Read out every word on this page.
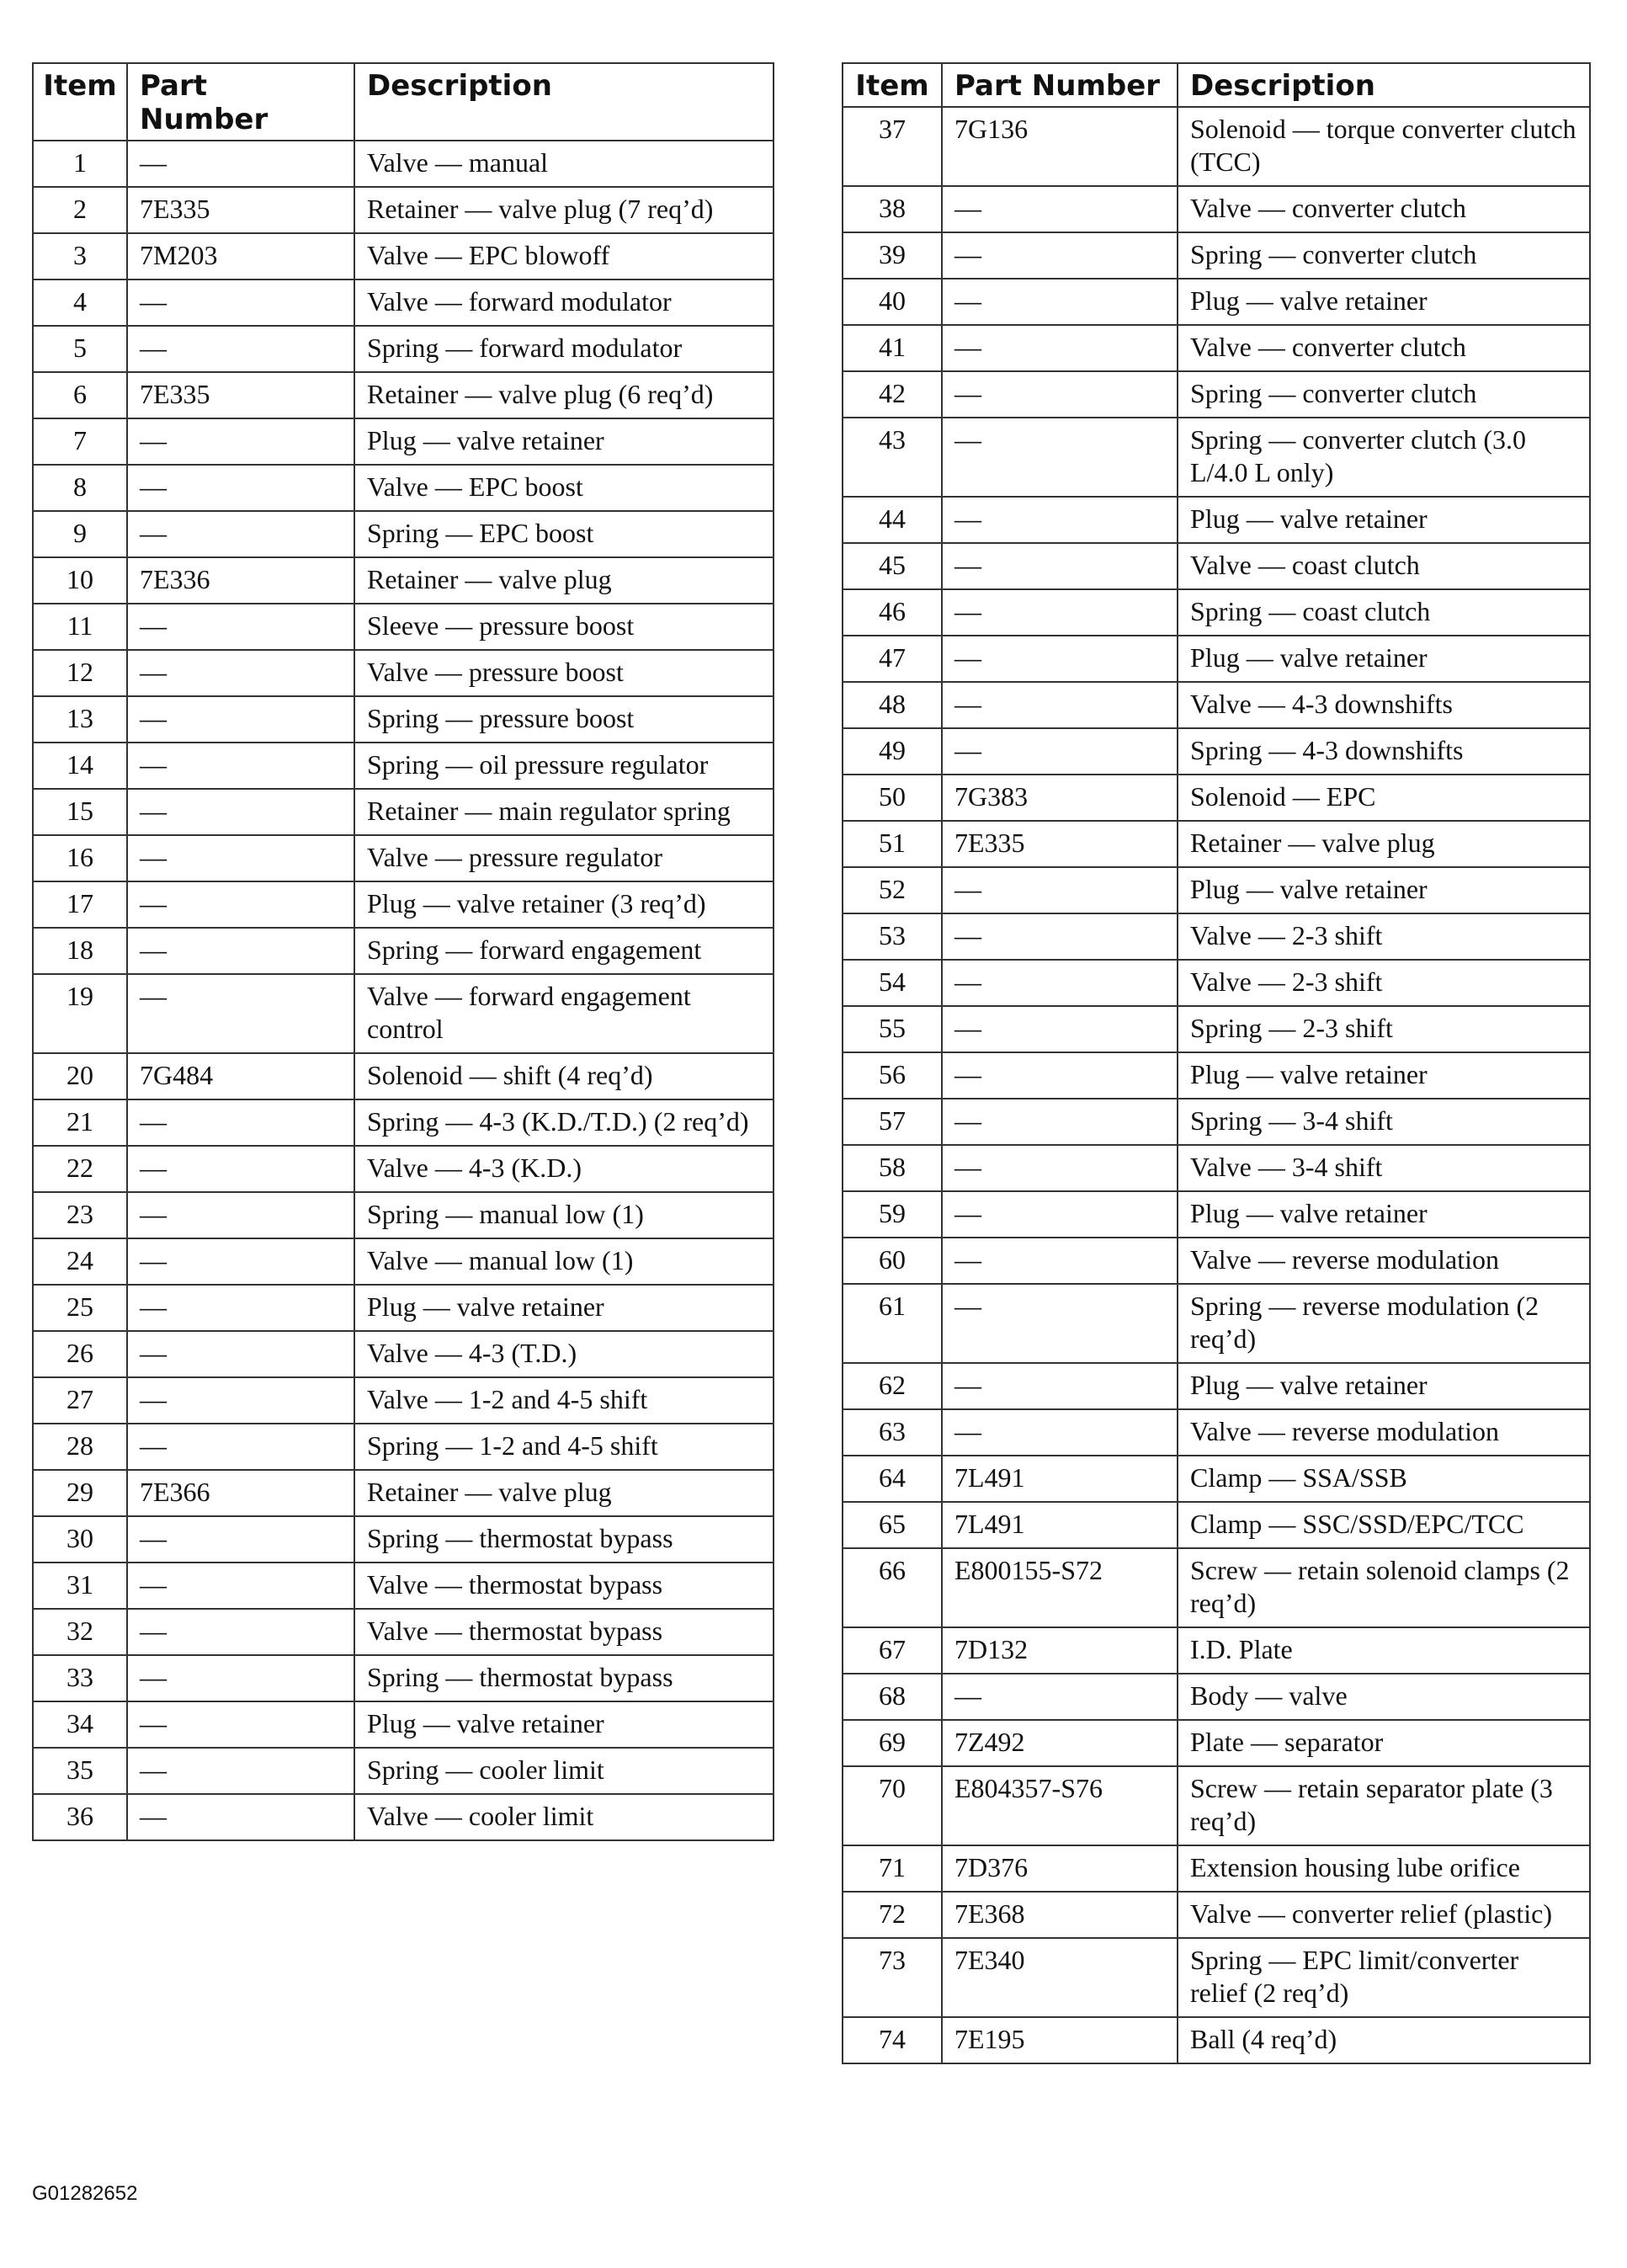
Item	Part Number	Description
1	—	Valve — manual
2	7E335	Retainer — valve plug (7 req’d)
3	7M203	Valve — EPC blowoff
4	—	Valve — forward modulator
5	—	Spring — forward modulator
6	7E335	Retainer — valve plug (6 req’d)
7	—	Plug — valve retainer
8	—	Valve — EPC boost
9	—	Spring — EPC boost
10	7E336	Retainer — valve plug
11	—	Sleeve — pressure boost
12	—	Valve — pressure boost
13	—	Spring — pressure boost
14	—	Spring — oil pressure regulator
15	—	Retainer — main regulator spring
16	—	Valve — pressure regulator
17	—	Plug — valve retainer (3 req’d)
18	—	Spring — forward engagement
19	—	Valve — forward engagement control
20	7G484	Solenoid — shift (4 req’d)
21	—	Spring — 4-3 (K.D./T.D.) (2 req’d)
22	—	Valve — 4-3 (K.D.)
23	—	Spring — manual low (1)
24	—	Valve — manual low (1)
25	—	Plug — valve retainer
26	—	Valve — 4-3 (T.D.)
27	—	Valve — 1-2 and 4-5 shift
28	—	Spring — 1-2 and 4-5 shift
29	7E366	Retainer — valve plug
30	—	Spring — thermostat bypass
31	—	Valve — thermostat bypass
32	—	Valve — thermostat bypass
33	—	Spring — thermostat bypass
34	—	Plug — valve retainer
35	—	Spring — cooler limit
36	—	Valve — cooler limit
Item	Part Number	Description
37	7G136	Solenoid — torque converter clutch (TCC)
38	—	Valve — converter clutch
39	—	Spring — converter clutch
40	—	Plug — valve retainer
41	—	Valve — converter clutch
42	—	Spring — converter clutch
43	—	Spring — converter clutch (3.0 L/4.0 L only)
44	—	Plug — valve retainer
45	—	Valve — coast clutch
46	—	Spring — coast clutch
47	—	Plug — valve retainer
48	—	Valve — 4-3 downshifts
49	—	Spring — 4-3 downshifts
50	7G383	Solenoid — EPC
51	7E335	Retainer — valve plug
52	—	Plug — valve retainer
53	—	Valve — 2-3 shift
54	—	Valve — 2-3 shift
55	—	Spring — 2-3 shift
56	—	Plug — valve retainer
57	—	Spring — 3-4 shift
58	—	Valve — 3-4 shift
59	—	Plug — valve retainer
60	—	Valve — reverse modulation
61	—	Spring — reverse modulation (2 req’d)
62	—	Plug — valve retainer
63	—	Valve — reverse modulation
64	7L491	Clamp — SSA/SSB
65	7L491	Clamp — SSC/SSD/EPC/TCC
66	E800155-S72	Screw — retain solenoid clamps (2 req’d)
67	7D132	I.D. Plate
68	—	Body — valve
69	7Z492	Plate — separator
70	E804357-S76	Screw — retain separator plate (3 req’d)
71	7D376	Extension housing lube orifice
72	7E368	Valve — converter relief (plastic)
73	7E340	Spring — EPC limit/converter relief (2 req’d)
74	7E195	Ball (4 req’d)
G01282652
